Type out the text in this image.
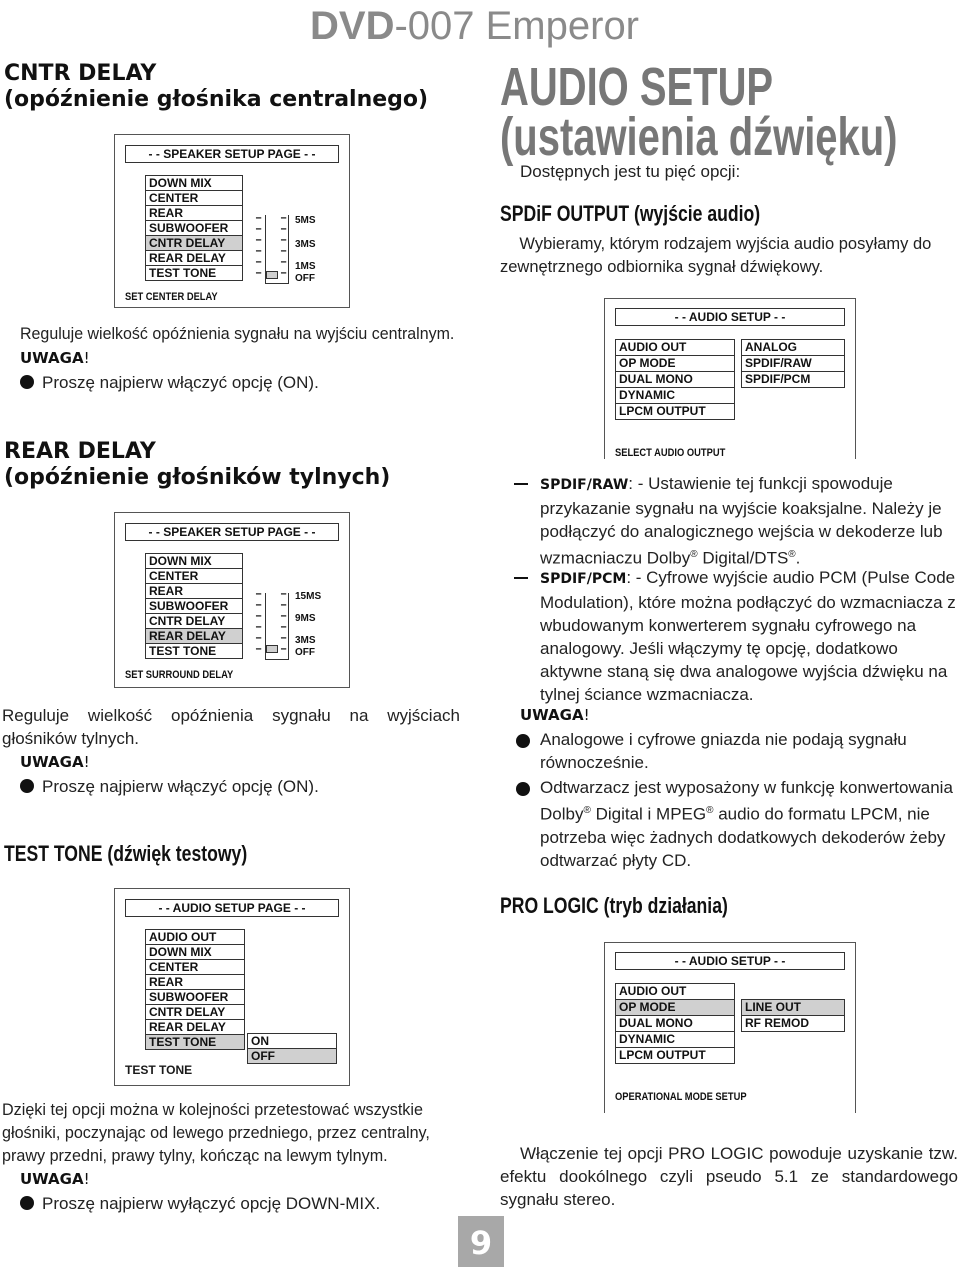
DVD-007 Emperor
CNTR DELAY
(opóźnienie głośnika centralnego)
- - SPEAKER SETUP PAGE - -
DOWN MIX
CENTER
REAR
SUBWOOFER
CNTR DELAY
REAR DELAY
TEST TONE
–
–
–
–
–
–
–
–
–
–
–
–
5MS
3MS
1MS
OFF
SET CENTER DELAY
Reguluje wielkość opóźnienia sygnału na wyjściu centralnym.
UWAGA!
Proszę najpierw włączyć opcję (ON).
REAR DELAY
(opóźnienie głośników tylnych)
- - SPEAKER SETUP PAGE - -
DOWN MIX
CENTER
REAR
SUBWOOFER
CNTR DELAY
REAR DELAY
TEST TONE
–
–
–
–
–
–
–
–
–
–
–
–
15MS
9MS
3MS
OFF
SET SURROUND DELAY
Reguluje wielkość opóźnienia sygnału na wyjściach głośników tylnych.
UWAGA!
Proszę najpierw włączyć opcję (ON).
TEST TONE (dźwięk testowy)
- - AUDIO SETUP PAGE - -
AUDIO OUT
DOWN MIX
CENTER
REAR
SUBWOOFER
CNTR DELAY
REAR DELAY
TEST TONE	ON
OFF
TEST TONE
Dzięki tej opcji można w kolejności przetestować wszystkie głośniki, poczynając od lewego przedniego, przez centralny, prawy przedni, prawy tylny, kończąc na lewym tylnym.
UWAGA!
Proszę najpierw wyłączyć opcję DOWN-MIX.
AUDIO SETUP
(ustawienia dźwięku)
Dostępnych jest tu pięć opcji:
SPDiF OUTPUT (wyjście audio)
Wybieramy, którym rodzajem wyjścia audio posyłamy do zewnętrznego odbiornika sygnał dźwiękowy.
- - AUDIO SETUP - -
AUDIO OUT
OP MODE
DUAL MONO
DYNAMIC
LPCM OUTPUT
ANALOG
SPDIF/RAW
SPDIF/PCM
SELECT AUDIO OUTPUT
SPDIF/RAW: - Ustawienie tej funkcji spowoduje przykazanie sygnału na wyjście koaksjalne. Należy je podłączyć do analogicznego wejścia w dekoderze lub wzmacniaczu Dolby® Digital/DTS®.
SPDIF/PCM: - Cyfrowe wyjście audio PCM (Pulse Code Modulation), które można podłączyć do wzmacniacza z wbudowanym konwerterem sygnału cyfrowego na analogowy. Jeśli włączymy tę opcję, dodatkowo aktywne staną się dwa analogowe wyjścia dźwięku na tylnej ściance wzmacniacza.
UWAGA!
Analogowe i cyfrowe gniazda nie podają sygnału równocześnie.
Odtwarzacz jest wyposażony w funkcję konwertowania Dolby® Digital i MPEG® audio do formatu LPCM, nie potrzeba więc żadnych dodatkowych dekoderów żeby odtwarzać płyty CD.
PRO LOGIC (tryb działania)
- - AUDIO SETUP - -
AUDIO OUT
OP MODE
DUAL MONO
DYNAMIC
LPCM OUTPUT
LINE OUT
RF REMOD
OPERATIONAL MODE SETUP
Włączenie tej opcji PRO LOGIC powoduje uzyskanie tzw. efektu dookólnego czyli pseudo 5.1 ze standardowego sygnału stereo.
9
